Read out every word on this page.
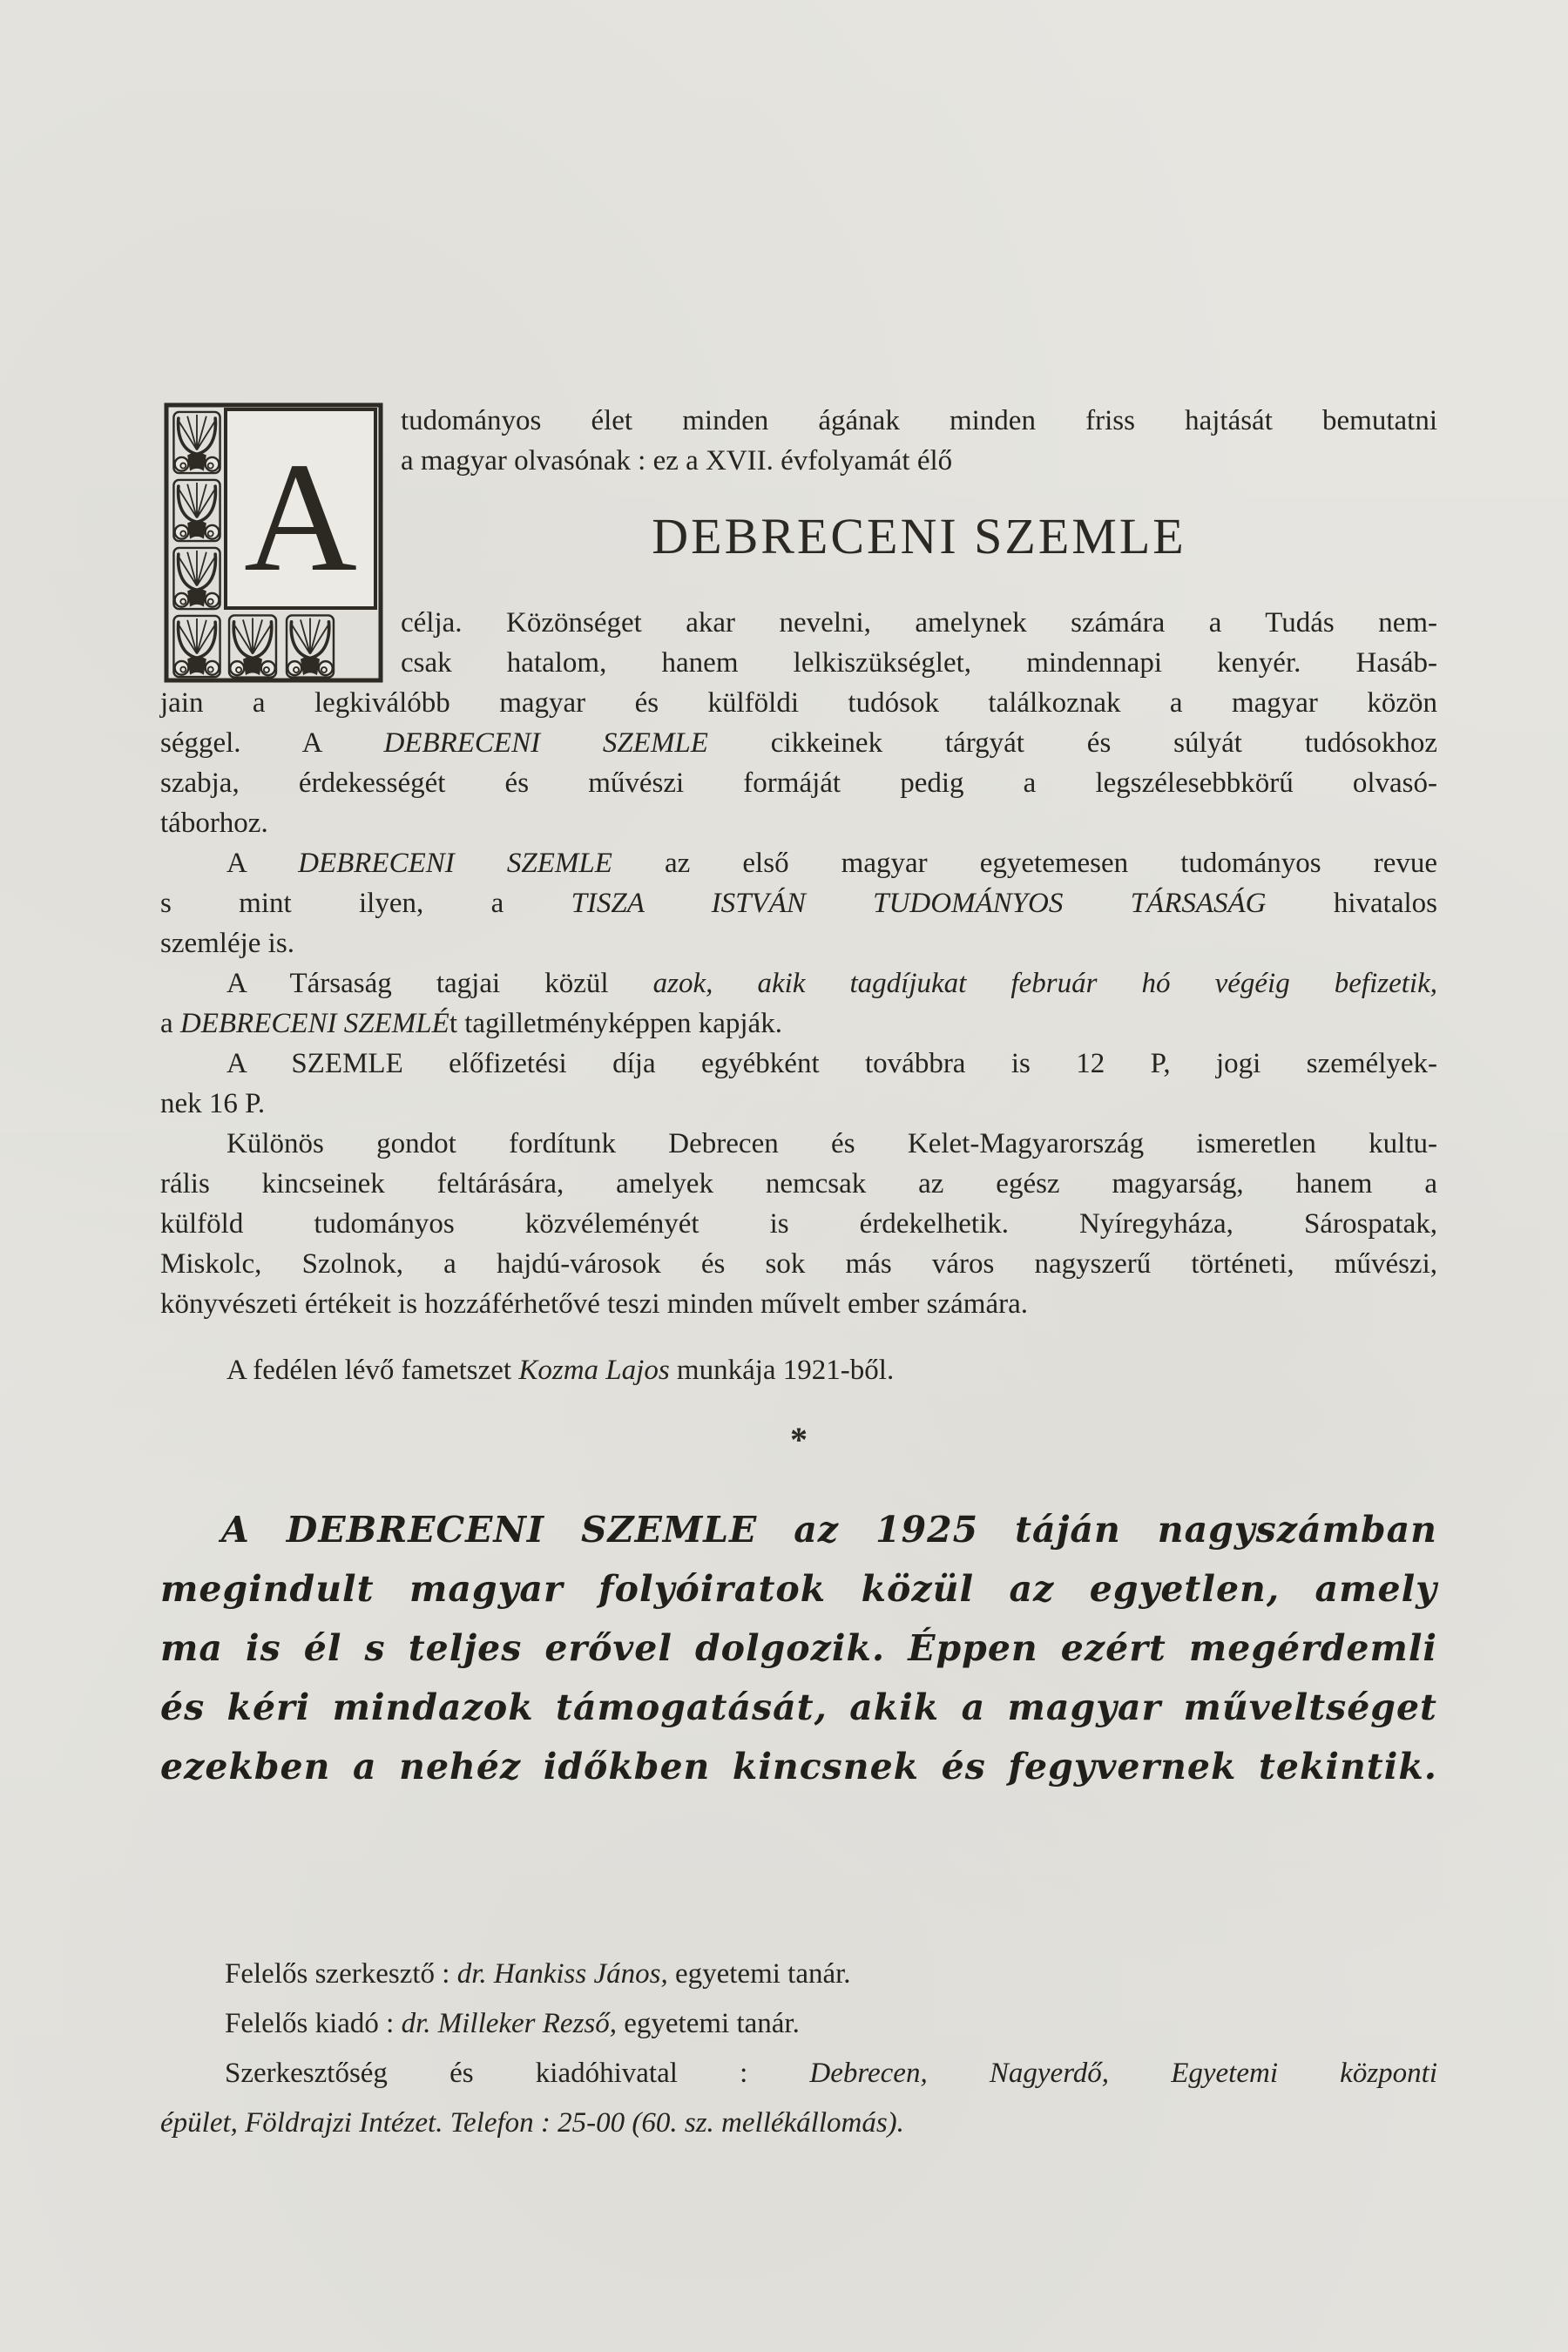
A
tudományos élet minden ágának minden friss hajtását bemutatni
a magyar olvasónak : ez a XVII. évfolyamát élő
DEBRECENI SZEMLE
célja. Közönséget akar nevelni, amelynek számára a Tudás nem-
csak hatalom, hanem lelkiszükséglet, mindennapi kenyér. Hasáb-
jain a legkiválóbb magyar és külföldi tudósok találkoznak a magyar közön
séggel. A DEBRECENI SZEMLE cikkeinek tárgyát és súlyát tudósokhoz
szabja, érdekességét és művészi formáját pedig a legszélesebbkörű olvasó-
táborhoz.
A DEBRECENI SZEMLE az első magyar egyetemesen tudományos revue
s mint ilyen, a TISZA ISTVÁN TUDOMÁNYOS TÁRSASÁG hivatalos
szemléje is.
A Társaság tagjai közül azok, akik tagdíjukat február hó végéig befizetik,
a DEBRECENI SZEMLÉt tagilletményképpen kapják.
A SZEMLE előfizetési díja egyébként továbbra is 12 P, jogi személyek-
nek 16 P.
Különös gondot fordítunk Debrecen és Kelet-Magyarország ismeretlen kultu-
rális kincseinek feltárására, amelyek nemcsak az egész magyarság, hanem a
külföld tudományos közvéleményét is érdekelhetik. Nyíregyháza, Sárospatak,
Miskolc, Szolnok, a hajdú-városok és sok más város nagyszerű történeti, művészi,
könyvészeti értékeit is hozzáférhetővé teszi minden művelt ember számára.
A fedélen lévő fametszet Kozma Lajos munkája 1921-ből.
*
A DEBRECENI SZEMLE az 1925 táján nagyszámban
megindult magyar folyóiratok közül az egyetlen, amely
ma is él s teljes erővel dolgozik. Éppen ezért megérdemli
és kéri mindazok támogatását, akik a magyar műveltséget
ezekben a nehéz időkben kincsnek és fegyvernek tekintik.
Felelős szerkesztő : dr. Hankiss János, egyetemi tanár.
Felelős kiadó : dr. Milleker Rezső, egyetemi tanár.
Szerkesztőség és kiadóhivatal : Debrecen, Nagyerdő, Egyetemi központi
épület, Földrajzi Intézet. Telefon : 25-00 (60. sz. mellékállomás).
